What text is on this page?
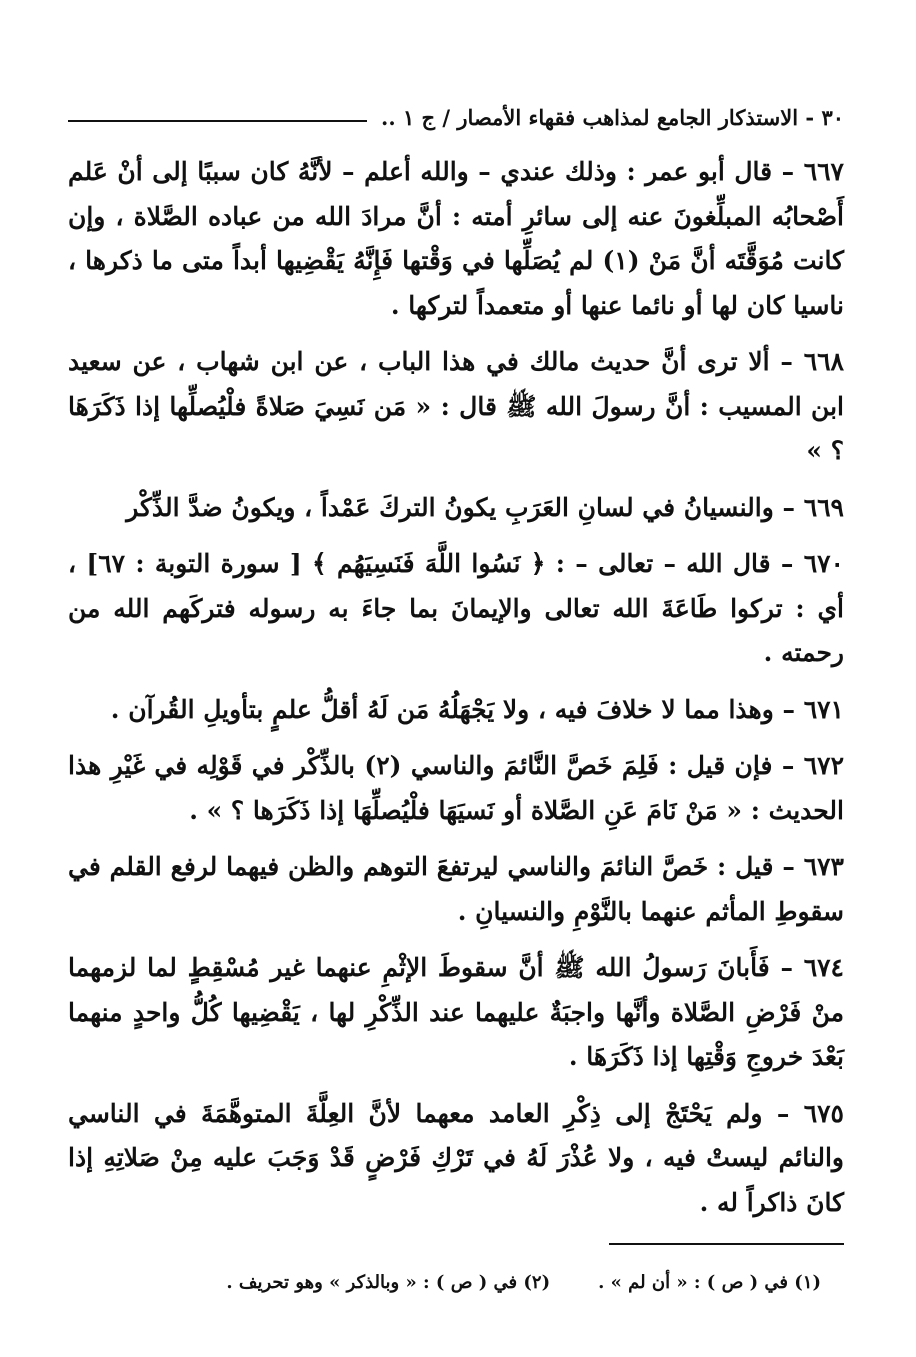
٣٠ - الاستذكار الجامع لمذاهب فقهاء الأمصار / ج ١ ..

٦٦٧ – قال أبو عمر : وذلك عندي – والله أعلم – لأنَّهُ كان سببًا إلى أنْ عَلم أَصْحابُه المبلِّغونَ عنه إلى سائرِ أمته : أنَّ مرادَ الله من عباده الصَّلاة ، وإن كانت مُوَقَّتَه أنَّ مَنْ (١) لم يُصَلِّها في وَقْتها فَإِنَّهُ يَقْضِيها أبداً متى ما ذكرها ، ناسيا كان لها أو نائما عنها أو متعمداً لتركها .

٦٦٨ – ألا ترى أنَّ حديث مالك في هذا الباب ، عن ابن شهاب ، عن سعيد ابن المسيب : أنَّ رسولَ الله ﷺ قال : « مَن نَسِيَ صَلاةً فلْيُصلِّها إذا ذَكَرَهَا ؟ »

٦٦٩ – والنسيانُ في لسانِ العَرَبِ يكونُ التركَ عَمْداً ، ويكونُ ضدَّ الذِّكْر

٦٧٠ – قال الله – تعالى – : ﴿ نَسُوا اللَّهَ فَنَسِيَهُم ﴾ [ سورة التوبة : ٦٧] ، أي : تركوا طَاعَةَ الله تعالى والإيمانَ بما جاءَ به رسوله فتركَهم الله من رحمته .

٦٧١ – وهذا مما لا خلافَ فيه ، ولا يَجْهَلُهُ مَن لَهُ أقلُّ علمٍ بتأويلِ القُرآن .

٦٧٢ – فإن قيل : فَلِمَ خَصَّ النَّائمَ والناسي (٢) بالذِّكْر في قَوْلِه في غَيْرِ هذا الحديث : « مَنْ نَامَ عَنِ الصَّلاة أو نَسيَهَا فلْيُصلِّهَا إذا ذَكَرَها ؟ » .

٦٧٣ – قيل : خَصَّ النائمَ والناسي ليرتفعَ التوهم والظن فيهما لرفع القلم في سقوطِ المأثم عنهما بالنَّوْمِ والنسيانِ .

٦٧٤ – فَأَبانَ رَسولُ الله ﷺ أنَّ سقوطَ الإثْمِ عنهما غير مُسْقِطٍ لما لزمهما منْ فَرْضِ الصَّلاة وأنَّها واجبَةٌ عليهما عند الذِّكْرِ لها ، يَقْضِيها كُلُّ واحدٍ منهما بَعْدَ خروجِ وَقْتِها إذا ذَكَرَهَا .

٦٧٥ – ولم يَحْتَجْ إلى ذِكْرِ العامد معهما لأنَّ العِلَّةَ المتوهَّمَةَ في الناسي والنائم ليستْ فيه ، ولا عُذْرَ لَهُ في تَرْكِ فَرْضٍ قَدْ وَجَبَ عليه مِنْ صَلاتِهِ إذا كانَ ذاكراً له .

(١) في ( ص ) : « أن لم » .
(٢) في ( ص ) : « وبالذكر » وهو تحريف .
